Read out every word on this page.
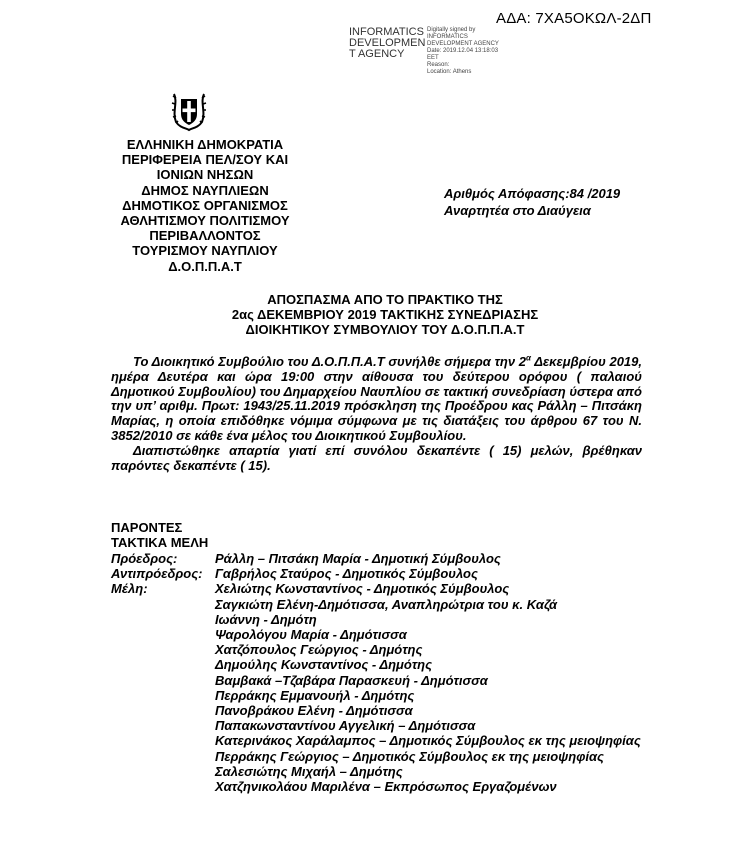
ΑΔΑ: 7ΧΑ5ΟΚΩΛ-2ΔΠ
INFORMATICS
DEVELOPMEN
T AGENCY
Digitally signed by
INFORMATICS
DEVELOPMENT AGENCY
Date: 2019.12.04 13:18:03
EET
Reason:
Location: Athens
ΕΛΛΗΝΙΚΗ ΔΗΜΟΚΡΑΤΙΑ
ΠΕΡΙΦΕΡΕΙΑ ΠΕΛ/ΣΟΥ ΚΑΙ
ΙΟΝΙΩΝ ΝΗΣΩΝ
ΔΗΜΟΣ ΝΑΥΠΛΙΕΩΝ
ΔΗΜΟΤΙΚΟΣ ΟΡΓΑΝΙΣΜΟΣ
ΑΘΛΗΤΙΣΜΟΥ ΠΟΛΙΤΙΣΜΟΥ
ΠΕΡΙΒΑΛΛΟΝΤΟΣ
ΤΟΥΡΙΣΜΟΥ ΝΑΥΠΛΙΟΥ
Δ.Ο.Π.Π.Α.Τ
Αριθμός Απόφασης:84 /2019
Αναρτητέα στο Διαύγεια
ΑΠΟΣΠΑΣΜΑ ΑΠΟ ΤΟ ΠΡΑΚΤΙΚΟ ΤΗΣ
2ας ΔΕΚΕΜΒΡΙΟΥ 2019 ΤΑΚΤΙΚΗΣ ΣΥΝΕΔΡΙΑΣΗΣ
ΔΙΟΙΚΗΤΙΚΟΥ ΣΥΜΒΟΥΛΙΟΥ ΤΟΥ Δ.Ο.Π.Π.Α.Τ

Το Διοικητικό Συμβούλιο του Δ.Ο.Π.Π.Α.Τ συνήλθε σήμερα την $2^\alpha$ Δεκεμβρίου 2019, ημέρα Δευτέρα και ώρα 19:00 στην αίθουσα του δεύτερου ορόφου ( παλαιού Δημοτικού Συμβουλίου) του Δημαρχείου Ναυπλίου σε τακτική συνεδρίαση ύστερα από την υπ’ αριθμ. Πρωτ: 1943/25.11.2019 πρόσκληση της Προέδρου κας Ράλλη – Πιτσάκη Μαρίας, η οποία επιδόθηκε νόμιμα σύμφωνα με τις διατάξεις του άρθρου 67 του Ν. 3852/2010 σε κάθε ένα μέλος του Διοικητικού Συμβουλίου.

Διαπιστώθηκε απαρτία γιατί επί συνόλου δεκαπέντε ( 15) μελών, βρέθηκαν παρόντες δεκαπέντε ( 15).

ΠΑΡΟΝΤΕΣ
ΤΑΚΤΙΚΑ ΜΕΛΗ
Πρόεδρος:	Ράλλη – Πιτσάκη Μαρία - Δημοτική Σύμβουλος
Αντιπρόεδρος: Γαβρήλος Σταύρος - Δημοτικός Σύμβουλος
Μέλη:	Χελιώτης Κωνσταντίνος - Δημοτικός Σύμβουλος
Σαγκιώτη Ελένη-Δημότισσα, Αναπληρώτρια του κ. Καζά
Ιωάννη - Δημότη
Ψαρολόγου Μαρία - Δημότισσα
Χατζόπουλος Γεώργιος - Δημότης
Δημούλης Κωνσταντίνος - Δημότης
Βαμβακά –Τζαβάρα Παρασκευή - Δημότισσα
Περράκης Εμμανουήλ - Δημότης
Πανοβράκου Ελένη - Δημότισσα
Παπακωνσταντίνου Αγγελική – Δημότισσα
Κατερινάκος Χαράλαμπος – Δημοτικός Σύμβουλος εκ της μειοψηφίας
Περράκης Γεώργιος – Δημοτικός Σύμβουλος εκ της μειοψηφίας
Σαλεσιώτης Μιχαήλ – Δημότης
Χατζηνικολάου Μαριλένα – Εκπρόσωπος Εργαζομένων
